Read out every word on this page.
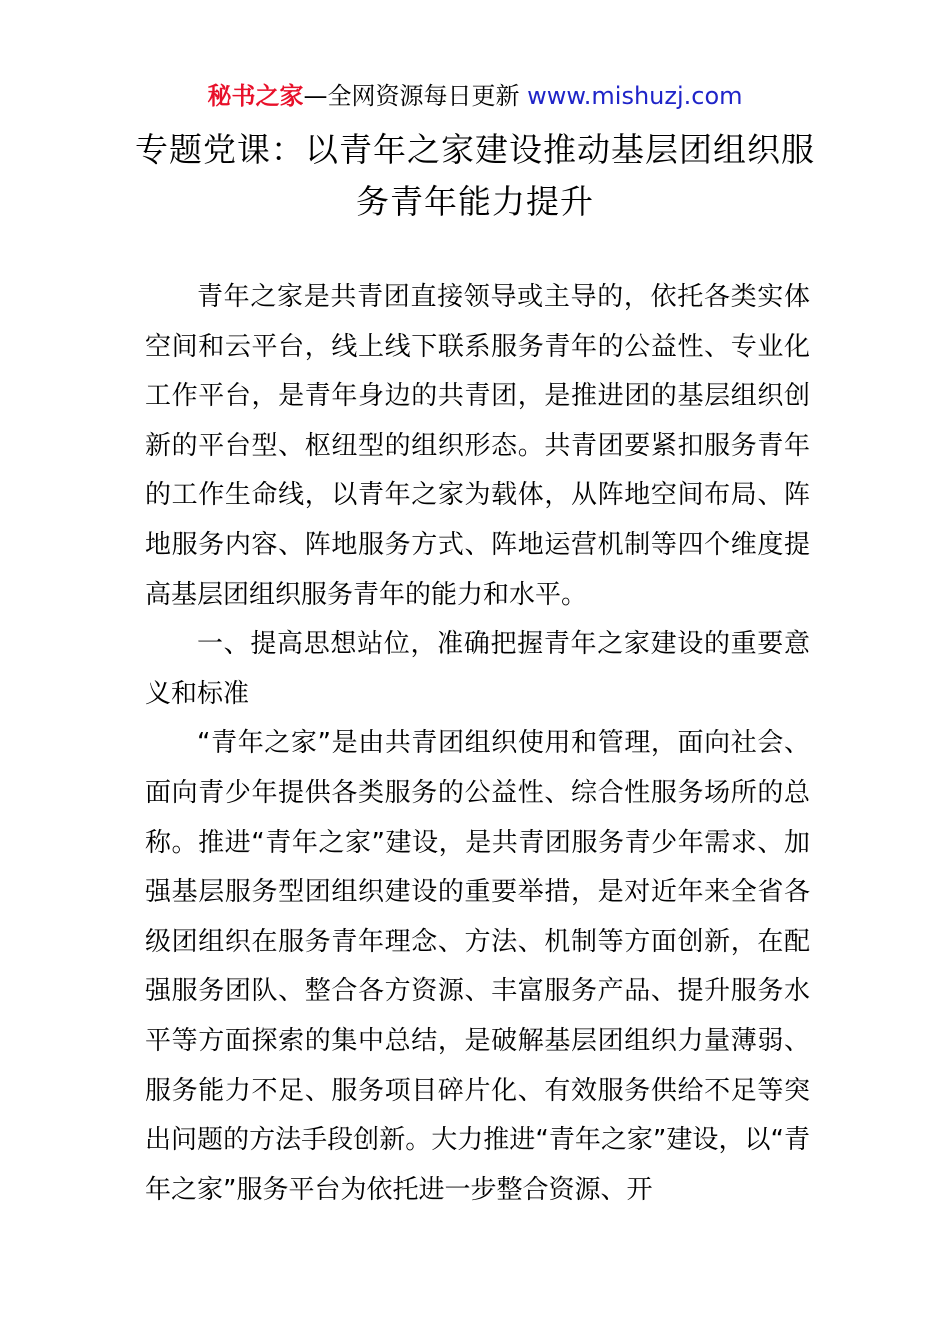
秘书之家—全网资源每日更新 www.mishuzj.com
专题党课：以青年之家建设推动基层团组织服
务青年能力提升

青年之家是共青团直接领导或主导的，依托各类实体空间和云平台，线上线下联系服务青年的公益性、专业化工作平台，是青年身边的共青团，是推进团的基层组织创新的平台型、枢纽型的组织形态。共青团要紧扣服务青年的工作生命线，以青年之家为载体，从阵地空间布局、阵地服务内容、阵地服务方式、阵地运营机制等四个维度提高基层团组织服务青年的能力和水平。

一、提高思想站位，准确把握青年之家建设的重要意义和标准

“青年之家”是由共青团组织使用和管理，面向社会、面向青少年提供各类服务的公益性、综合性服务场所的总称。推进“青年之家”建设，是共青团服务青少年需求、加强基层服务型团组织建设的重要举措，是对近年来全省各级团组织在服务青年理念、方法、机制等方面创新，在配强服务团队、整合各方资源、丰富服务产品、提升服务水平等方面探索的集中总结，是破解基层团组织力量薄弱、服务能力不足、服务项目碎片化、有效服务供给不足等突出问题的方法手段创新。大力推进“青年之家”建设，以“青年之家”服务平台为依托进一步整合资源、开
